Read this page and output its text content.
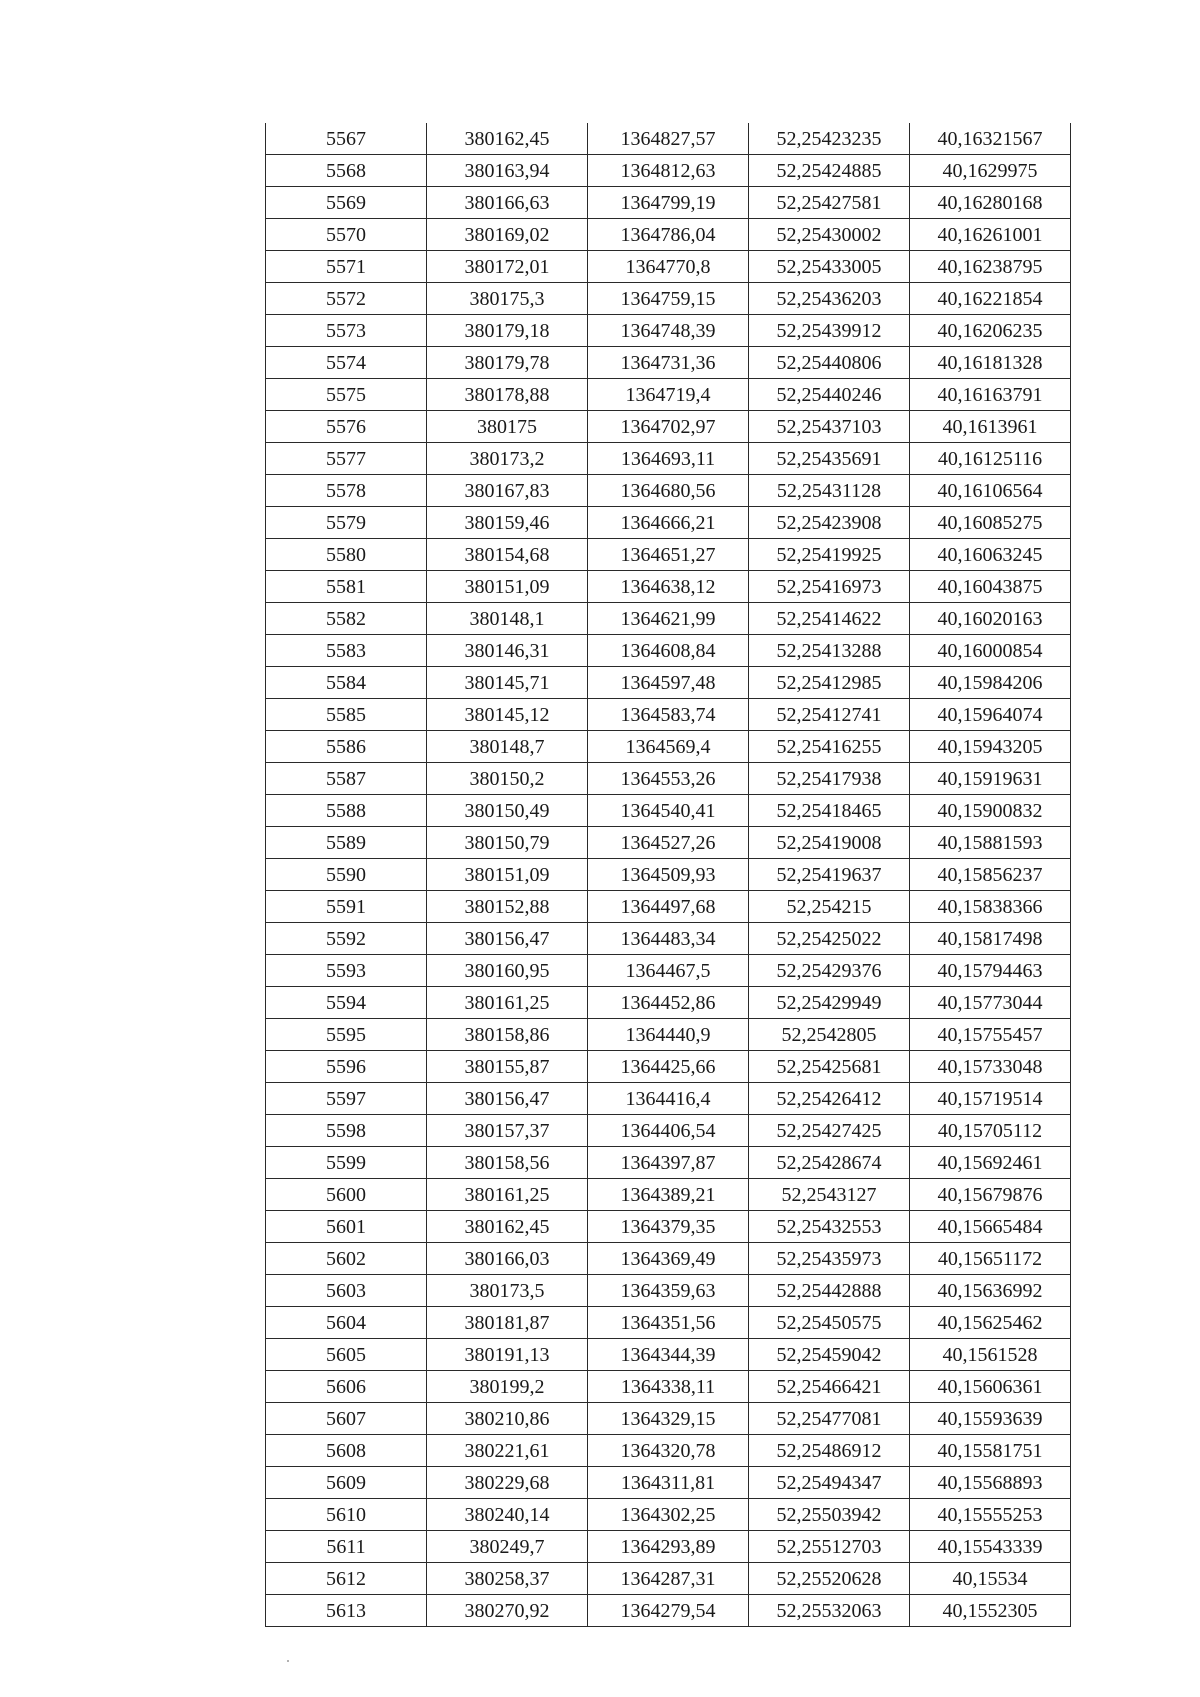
5567	380162,45	1364827,57	52,25423235	40,16321567
5568	380163,94	1364812,63	52,25424885	40,1629975
5569	380166,63	1364799,19	52,25427581	40,16280168
5570	380169,02	1364786,04	52,25430002	40,16261001
5571	380172,01	1364770,8	52,25433005	40,16238795
5572	380175,3	1364759,15	52,25436203	40,16221854
5573	380179,18	1364748,39	52,25439912	40,16206235
5574	380179,78	1364731,36	52,25440806	40,16181328
5575	380178,88	1364719,4	52,25440246	40,16163791
5576	380175	1364702,97	52,25437103	40,1613961
5577	380173,2	1364693,11	52,25435691	40,16125116
5578	380167,83	1364680,56	52,25431128	40,16106564
5579	380159,46	1364666,21	52,25423908	40,16085275
5580	380154,68	1364651,27	52,25419925	40,16063245
5581	380151,09	1364638,12	52,25416973	40,16043875
5582	380148,1	1364621,99	52,25414622	40,16020163
5583	380146,31	1364608,84	52,25413288	40,16000854
5584	380145,71	1364597,48	52,25412985	40,15984206
5585	380145,12	1364583,74	52,25412741	40,15964074
5586	380148,7	1364569,4	52,25416255	40,15943205
5587	380150,2	1364553,26	52,25417938	40,15919631
5588	380150,49	1364540,41	52,25418465	40,15900832
5589	380150,79	1364527,26	52,25419008	40,15881593
5590	380151,09	1364509,93	52,25419637	40,15856237
5591	380152,88	1364497,68	52,254215	40,15838366
5592	380156,47	1364483,34	52,25425022	40,15817498
5593	380160,95	1364467,5	52,25429376	40,15794463
5594	380161,25	1364452,86	52,25429949	40,15773044
5595	380158,86	1364440,9	52,2542805	40,15755457
5596	380155,87	1364425,66	52,25425681	40,15733048
5597	380156,47	1364416,4	52,25426412	40,15719514
5598	380157,37	1364406,54	52,25427425	40,15705112
5599	380158,56	1364397,87	52,25428674	40,15692461
5600	380161,25	1364389,21	52,2543127	40,15679876
5601	380162,45	1364379,35	52,25432553	40,15665484
5602	380166,03	1364369,49	52,25435973	40,15651172
5603	380173,5	1364359,63	52,25442888	40,15636992
5604	380181,87	1364351,56	52,25450575	40,15625462
5605	380191,13	1364344,39	52,25459042	40,1561528
5606	380199,2	1364338,11	52,25466421	40,15606361
5607	380210,86	1364329,15	52,25477081	40,15593639
5608	380221,61	1364320,78	52,25486912	40,15581751
5609	380229,68	1364311,81	52,25494347	40,15568893
5610	380240,14	1364302,25	52,25503942	40,15555253
5611	380249,7	1364293,89	52,25512703	40,15543339
5612	380258,37	1364287,31	52,25520628	40,15534
5613	380270,92	1364279,54	52,25532063	40,1552305
